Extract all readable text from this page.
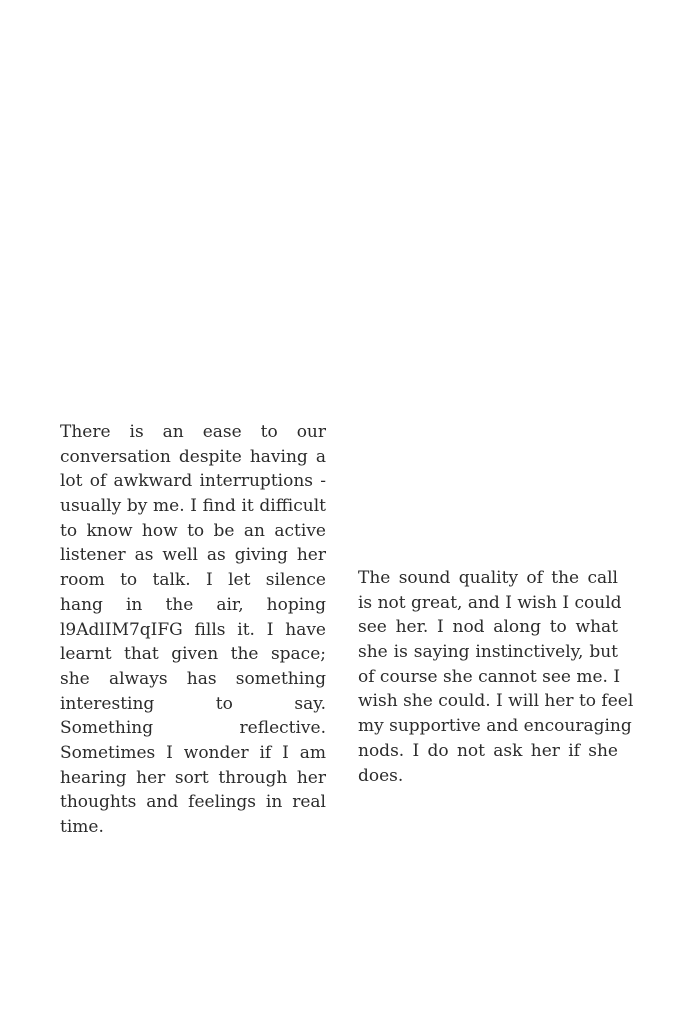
There is an ease to our
conversation despite having a
lot of awkward interruptions -
usually by me. I find it difficult
to know how to be an active
listener as well as giving her
room to talk. I let silence
hang in the air, hoping
l9AdlIM7qIFG fills it. I have
learnt that given the space;
she always has something
interesting to say.
Something reflective.
Sometimes I wonder if I am
hearing her sort through her
thoughts and feelings in real
time.
The sound quality of the call
is not great, and I wish I could
see her. I nod along to what
she is saying instinctively, but
of course she cannot see me. I
wish she could. I will her to feel
my supportive and encouraging
nods. I do not ask her if she
does.
